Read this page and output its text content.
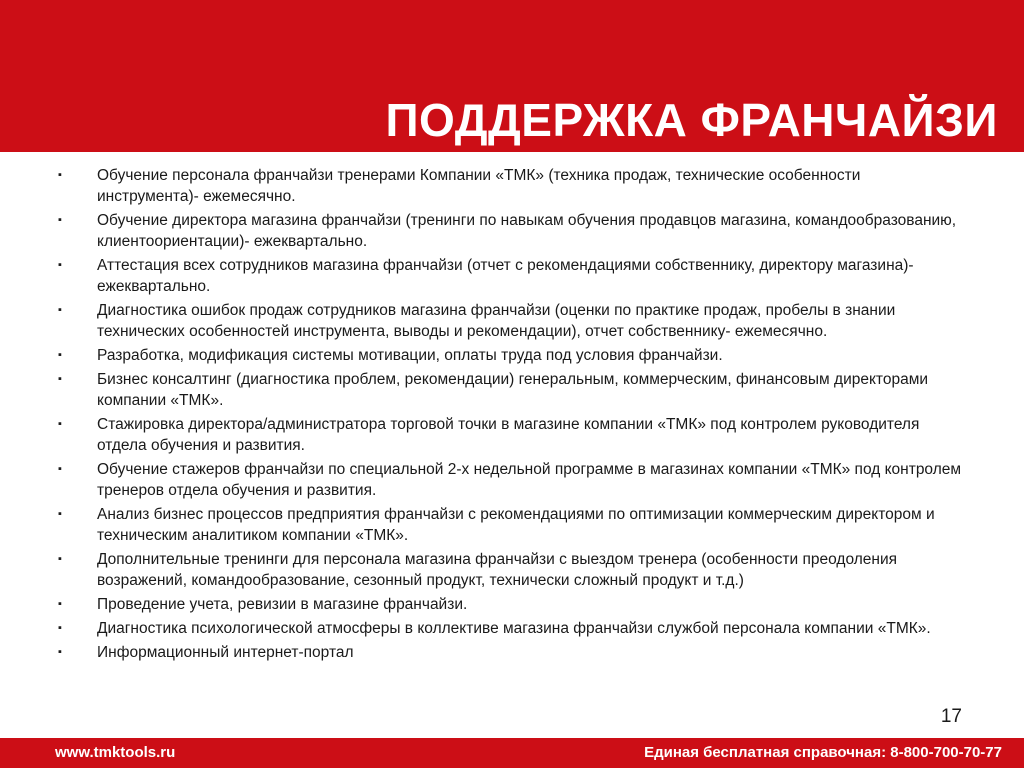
ПОДДЕРЖКА ФРАНЧАЙЗИ
▪ Обучение персонала франчайзи тренерами Компании «ТМК» (техника продаж, технические особенности инструмента)- ежемесячно.
▪ Обучение директора магазина франчайзи (тренинги по навыкам обучения продавцов магазина, командообразованию, клиентоориентации)- ежеквартально.
▪ Аттестация всех сотрудников магазина франчайзи (отчет с рекомендациями собственнику, директору магазина)- ежеквартально.
▪ Диагностика ошибок продаж сотрудников магазина франчайзи (оценки по практике продаж, пробелы в знании технических особенностей инструмента, выводы и рекомендации), отчет собственнику- ежемесячно.
▪ Разработка, модификация системы мотивации, оплаты труда под условия франчайзи.
▪ Бизнес консалтинг (диагностика проблем, рекомендации) генеральным, коммерческим, финансовым директорами компании «ТМК».
▪ Стажировка директора/администратора торговой точки в магазине компании «ТМК» под контролем руководителя отдела обучения и развития.
▪ Обучение стажеров франчайзи по специальной 2-х недельной программе в магазинах компании «ТМК» под контролем тренеров отдела обучения и развития.
▪ Анализ бизнес процессов предприятия франчайзи с рекомендациями по оптимизации коммерческим директором и техническим аналитиком компании «ТМК».
▪ Дополнительные тренинги для персонала магазина франчайзи с выездом тренера (особенности преодоления возражений, командообразование, сезонный продукт, технически сложный продукт и т.д.)
▪ Проведение учета, ревизии в магазине франчайзи.
▪ Диагностика психологической атмосферы в коллективе магазина франчайзи службой персонала компании «ТМК».
▪ Информационный интернет-портал
17
www.tmktools.ru	Единая бесплатная справочная: 8-800-700-70-77
